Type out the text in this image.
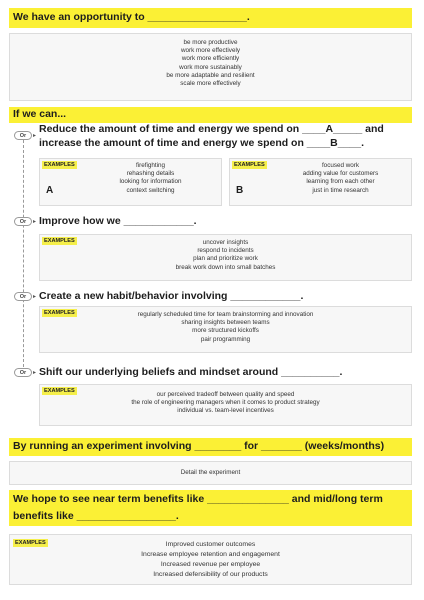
We have an opportunity to _________________.
be more productive
work more effectively
work more efficiently
work more sustainably
be more adaptable and resilient
scale more effectively
If we can...
Or	▸
Reduce the amount of time and energy we spend on ____A_____ and
increase the amount of time and energy we spend on ____B____.
EXAMPLES
A
firefighting
rehashing details
looking for information
context switching
EXAMPLES
B
focused work
adding value for customers
learning from each other
just in time research
Or	▸ Improve how we ____________.
EXAMPLES	uncover insights
respond to incidents
plan and prioritize work
break work down into small batches
Or	▸ Create a new habit/behavior involving ____________.
EXAMPLES	regularly scheduled time for team brainstorming and innovation
sharing insights between teams
more structured kickoffs
pair programming
Or	▸ Shift our underlying beliefs and mindset around __________.
EXAMPLES
our perceived tradeoff between quality and speed
the role of engineering managers when it comes to product strategy
individual vs. team-level incentives
By running an experiment involving ________ for _______ (weeks/months)
Detail the experiment
We hope to see near term benefits like ______________ and mid/long term
benefits like _________________.
EXAMPLES	Improved customer outcomes
Increase employee retention and engagement
Increased revenue per employee
Increased defensibility of our products
